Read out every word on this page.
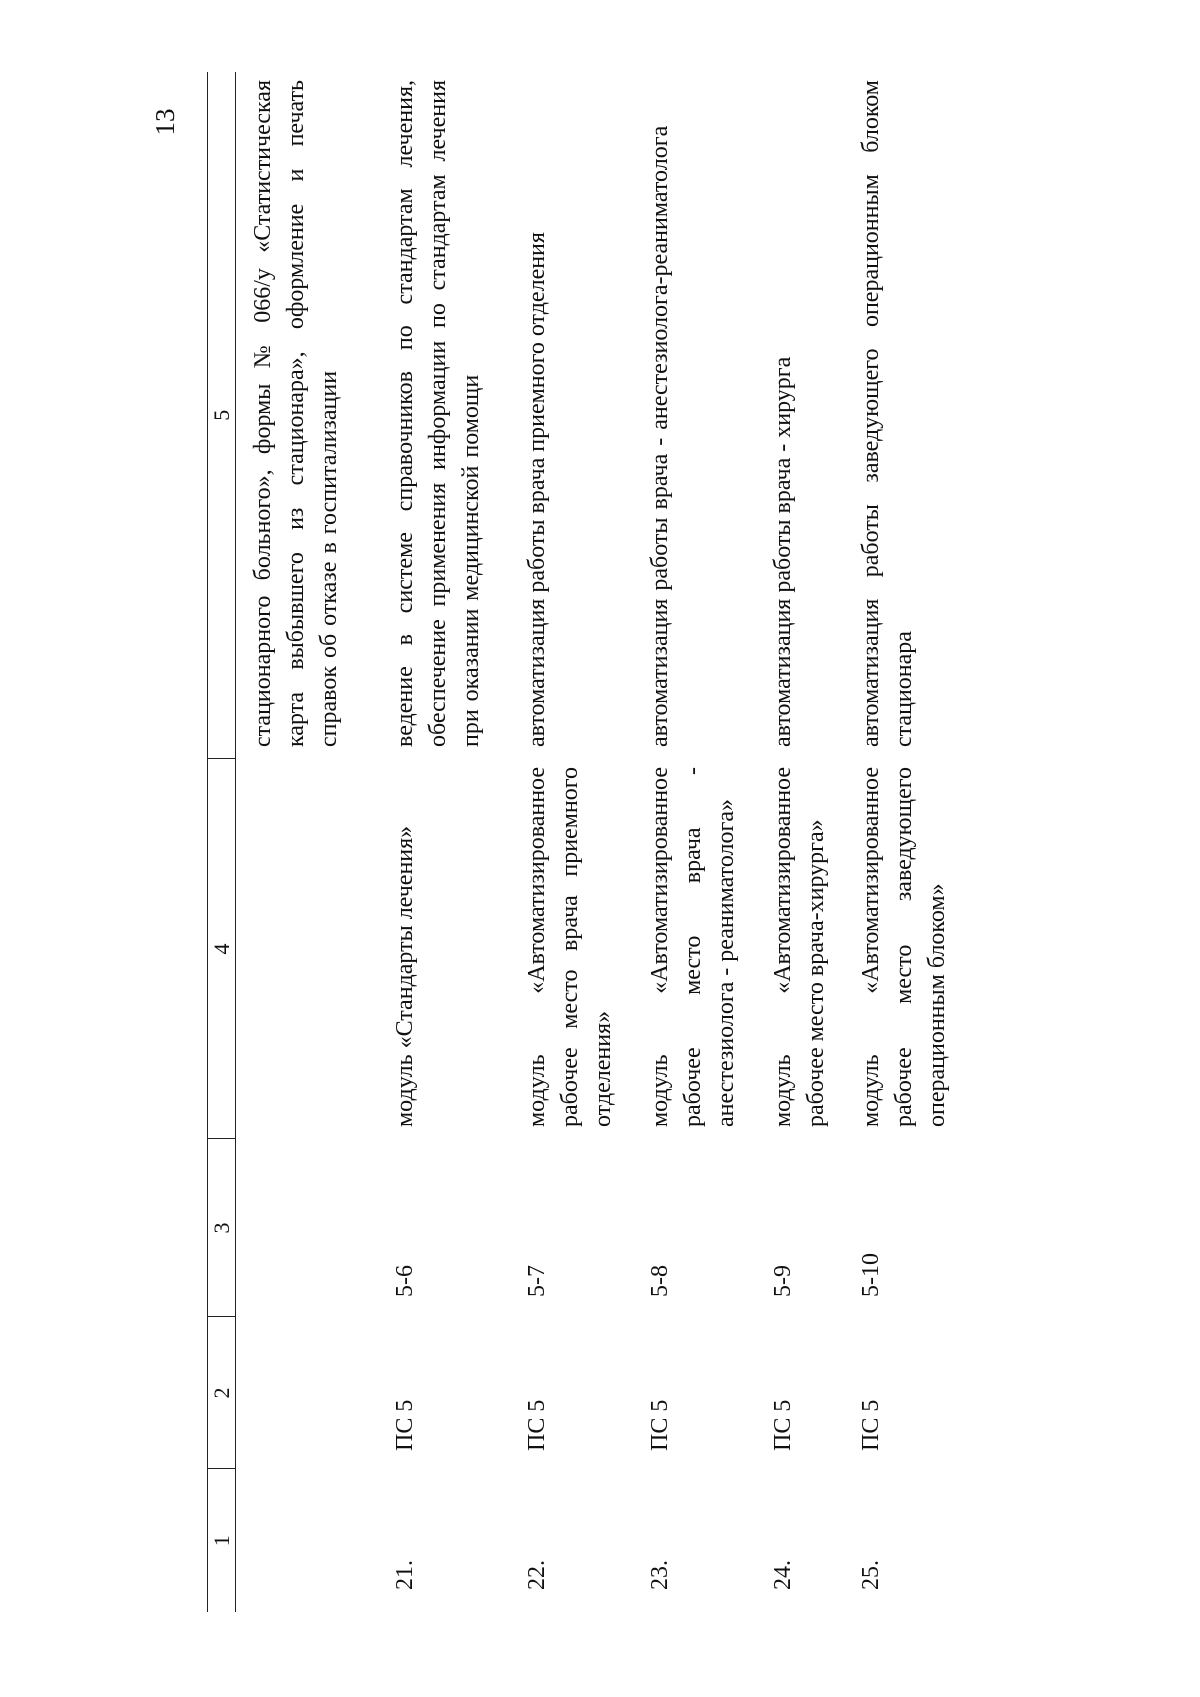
13
1	2	3	4	5
				стационарного больного», формы № 066/у «Статистическая карта выбывшего из стационара», оформление и печать справок об отказе в госпитализации
21.	ПС 5	5-6	модуль «Стандарты лечения»	ведение в системе справочников по стандартам лечения, обеспечение применения информации по стандартам лечения при оказании медицинской помощи
22.	ПС 5	5-7	модуль «Автоматизированное рабочее место врача приемного отделения»	автоматизация работы врача приемного отделения
23.	ПС 5	5-8	модуль «Автоматизированное рабочее место врача - анестезиолога - реаниматолога»	автоматизация работы врача - анестезиолога-реаниматолога
24.	ПС 5	5-9	модуль «Автоматизированное рабочее место врача-хирурга»	автоматизация работы врача - хирурга
25.	ПС 5	5-10	модуль «Автоматизированное рабочее место заведующего операционным блоком»	автоматизация работы заведующего операционным блоком стационара
